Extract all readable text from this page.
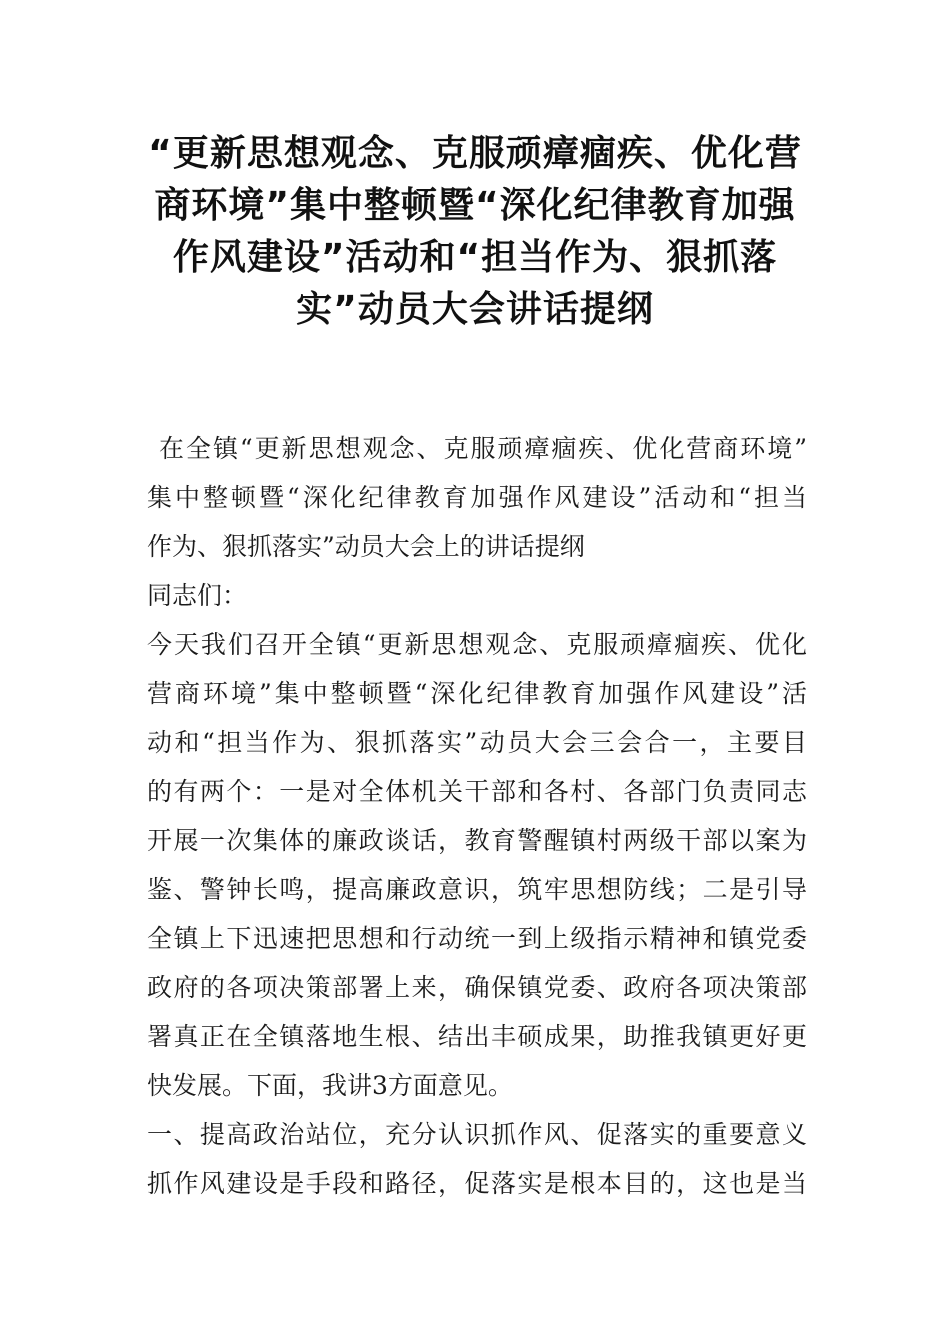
“更新思想观念、克服顽瘴痼疾、优化营
商环境”集中整顿暨“深化纪律教育加强
作风建设”活动和“担当作为、狠抓落
实”动员大会讲话提纲
在全镇“更新思想观念、克服顽瘴痼疾、优化营商环境”
集中整顿暨“深化纪律教育加强作风建设”活动和“担当
作为、狠抓落实”动员大会上的讲话提纲
同志们：
今天我们召开全镇“更新思想观念、克服顽瘴痼疾、优化
营商环境”集中整顿暨“深化纪律教育加强作风建设”活
动和“担当作为、狠抓落实”动员大会三会合一，主要目
的有两个：一是对全体机关干部和各村、各部门负责同志
开展一次集体的廉政谈话，教育警醒镇村两级干部以案为
鉴、警钟长鸣，提高廉政意识，筑牢思想防线；二是引导
全镇上下迅速把思想和行动统一到上级指示精神和镇党委
政府的各项决策部署上来，确保镇党委、政府各项决策部
署真正在全镇落地生根、结出丰硕成果，助推我镇更好更
快发展。下面，我讲3方面意见。
一、提高政治站位，充分认识抓作风、促落实的重要意义
抓作风建设是手段和路径，促落实是根本目的，这也是当
